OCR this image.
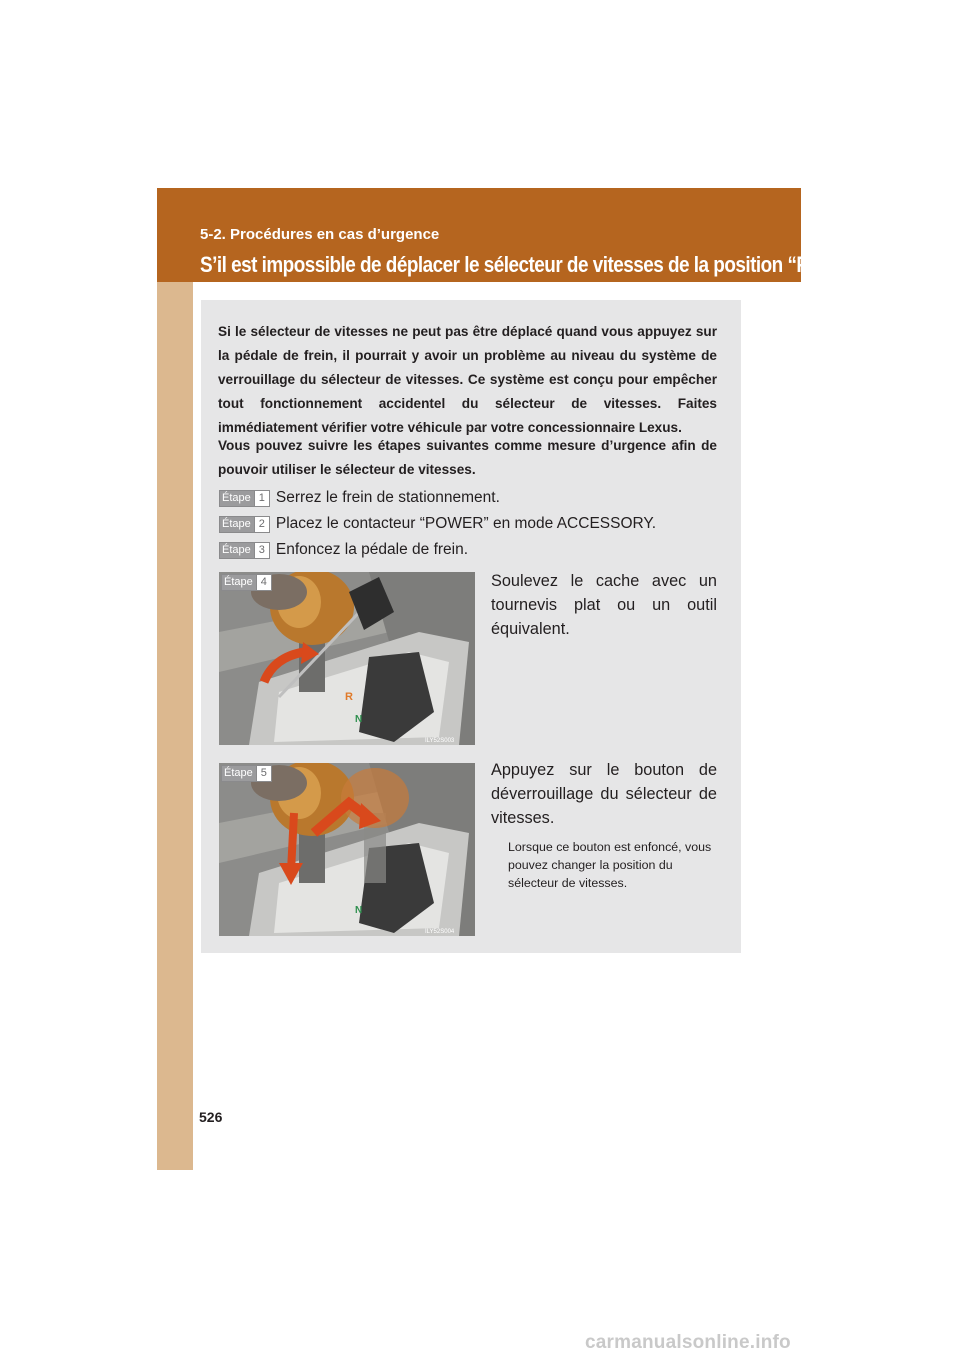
5-2. Procédures en cas d’urgence
S’il est impossible de déplacer le sélecteur de vitesses de la position “P”

Si le sélecteur de vitesses ne peut pas être déplacé quand vous appuyez sur la pédale de frein, il pourrait y avoir un problème au niveau du système de verrouillage du sélecteur de vitesses. Ce système est conçu pour empêcher tout fonctionnement accidentel du sélecteur de vitesses. Faites immédiatement vérifier votre véhicule par votre concessionnaire Lexus.

Vous pouvez suivre les étapes suivantes comme mesure d’urgence afin de pouvoir utiliser le sélecteur de vitesses.

Étape 1 Serrez le frein de stationnement.
Étape 2 Placez le contacteur “POWER” en mode ACCESSORY.
Étape 3 Enfoncez la pédale de frein.
R
N
ILY52S003
Étape 4	Soulevez le cache avec un tournevis plat ou un outil équivalent.

N
ILY52S004
Étape 5	Appuyez sur le bouton de déverrouillage du sélecteur de vitesses.

Lorsque ce bouton est enfoncé, vous pouvez changer la position du sélecteur de vitesses.

526
carmanualsonline.info
